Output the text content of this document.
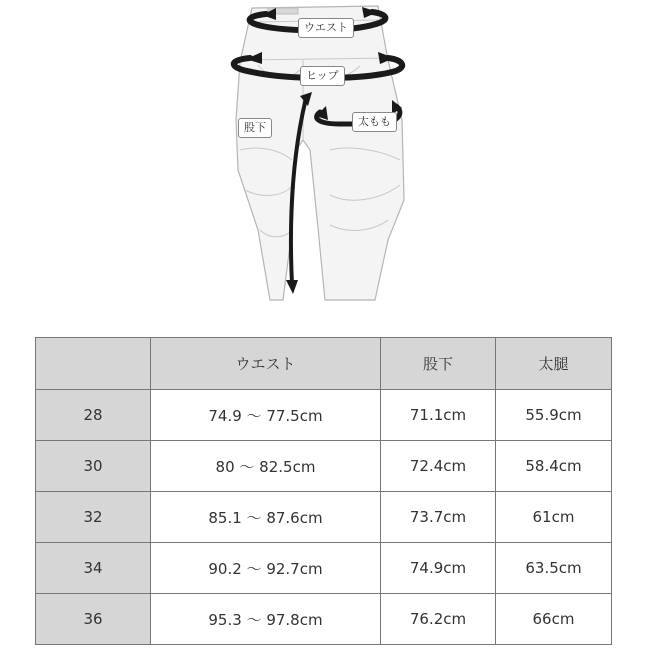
ウエスト
ヒップ
股下	太もも
	ウエスト	股下	太腿
28	74.9 ～ 77.5cm	71.1cm	55.9cm
30	80 ～ 82.5cm	72.4cm	58.4cm
32	85.1 ～ 87.6cm	73.7cm	61cm
34	90.2 ～ 92.7cm	74.9cm	63.5cm
36	95.3 ～ 97.8cm	76.2cm	66cm
